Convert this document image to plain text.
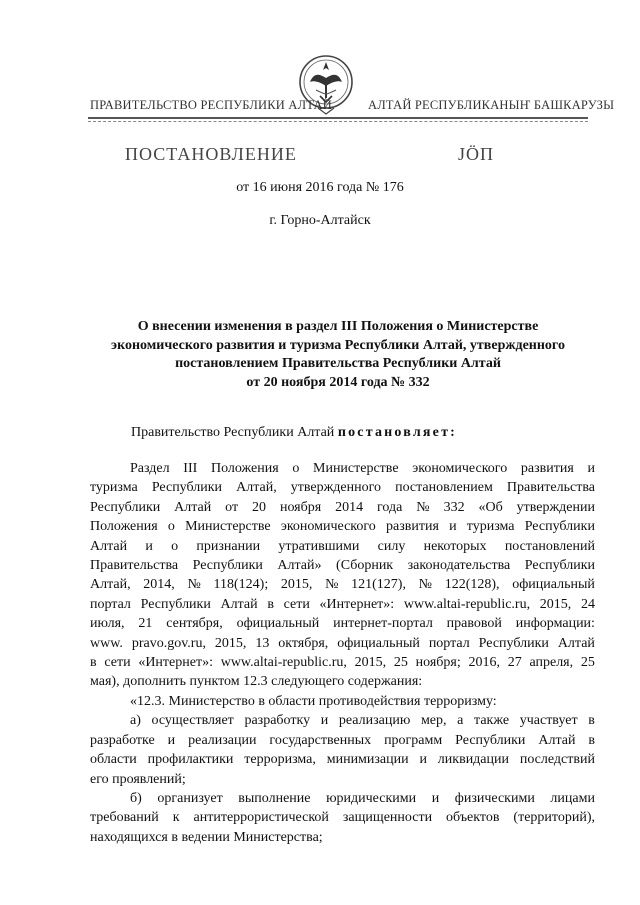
ПРАВИТЕЛЬСТВО РЕСПУБЛИКИ АЛТАЙ	АЛТАЙ РЕСПУБЛИКАНЫҤ БАШКАРУЗЫ
ПОСТАНОВЛЕНИЕ	JÖП
от 16 июня 2016 года № 176
г. Горно-Алтайск
О внесении изменения в раздел III Положения о Министерстве
экономического развития и туризма Республики Алтай, утвержденного
постановлением Правительства Республики Алтай
от 20 ноября 2014 года № 332
Правительство Республики Алтай постановляет:
Раздел III Положения о Министерстве экономического развития и
туризма Республики Алтай, утвержденного постановлением Правительства
Республики Алтай от 20 ноября 2014 года № 332 «Об утверждении
Положения о Министерстве экономического развития и туризма Республики
Алтай и о признании утратившими силу некоторых постановлений
Правительства Республики Алтай» (Сборник законодательства Республики
Алтай, 2014, № 118(124); 2015, № 121(127), № 122(128), официальный
портал Республики Алтай в сети «Интернет»: www.altai-republic.ru, 2015, 24
июля, 21 сентября, официальный интернет-портал правовой информации:
www. pravo.gov.ru, 2015, 13 октября, официальный портал Республики Алтай
в сети «Интернет»: www.altai-republic.ru, 2015, 25 ноября; 2016, 27 апреля, 25
мая), дополнить пунктом 12.3 следующего содержания:
«12.3. Министерство в области противодействия терроризму:
а) осуществляет разработку и реализацию мер, а также участвует в
разработке и реализации государственных программ Республики Алтай в
области профилактики терроризма, минимизации и ликвидации последствий
его проявлений;
б) организует выполнение юридическими и физическими лицами
требований к антитеррористической защищенности объектов (территорий),
находящихся в ведении Министерства;
